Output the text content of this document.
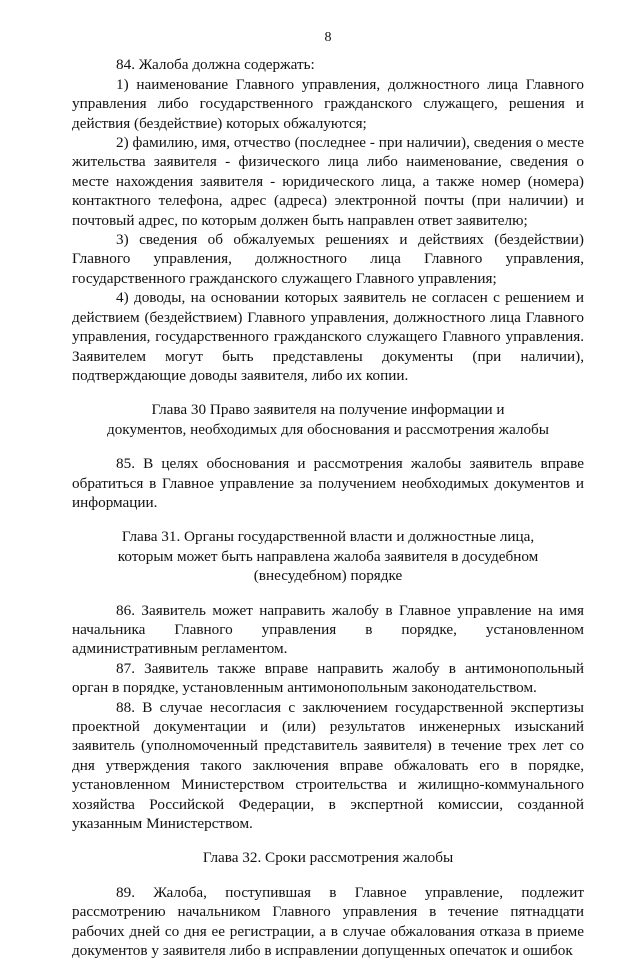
8

84. Жалоба должна содержать:

1) наименование Главного управления, должностного лица Главного управления либо государственного гражданского служащего, решения и действия (бездействие) которых обжалуются;

2) фамилию, имя, отчество (последнее - при наличии), сведения о месте жительства заявителя - физического лица либо наименование, сведения о месте нахождения заявителя - юридического лица, а также номер (номера) контактного телефона, адрес (адреса) электронной почты (при наличии) и почтовый адрес, по которым должен быть направлен ответ заявителю;

3) сведения об обжалуемых решениях и действиях (бездействии) Главного управления, должностного лица Главного управления, государственного гражданского служащего Главного управления;

4) доводы, на основании которых заявитель не согласен с решением и действием (бездействием) Главного управления, должностного лица Главного управления, государственного гражданского служащего Главного управления. Заявителем могут быть представлены документы (при наличии), подтверждающие доводы заявителя, либо их копии.

Глава 30 Право заявителя на получение информации и
документов, необходимых для обоснования и рассмотрения жалобы

85. В целях обоснования и рассмотрения жалобы заявитель вправе обратиться в Главное управление за получением необходимых документов и информации.

Глава 31. Органы государственной власти и должностные лица,
которым может быть направлена жалоба заявителя в досудебном
(внесудебном) порядке

86. Заявитель может направить жалобу в Главное управление на имя начальника Главного управления в порядке, установленном административным регламентом.

87. Заявитель также вправе направить жалобу в антимонопольный орган в порядке, установленным антимонопольным законодательством.

88. В случае несогласия с заключением государственной экспертизы проектной документации и (или) результатов инженерных изысканий заявитель (уполномоченный представитель заявителя) в течение трех лет со дня утверждения такого заключения вправе обжаловать его в порядке, установленном Министерством строительства и жилищно-коммунального хозяйства Российской Федерации, в экспертной комиссии, созданной указанным Министерством.

Глава 32. Сроки рассмотрения жалобы

89. Жалоба, поступившая в Главное управление, подлежит рассмотрению начальником Главного управления в течение пятнадцати рабочих дней со дня ее регистрации, а в случае обжалования отказа в приеме документов у заявителя либо в исправлении допущенных опечаток и ошибок
